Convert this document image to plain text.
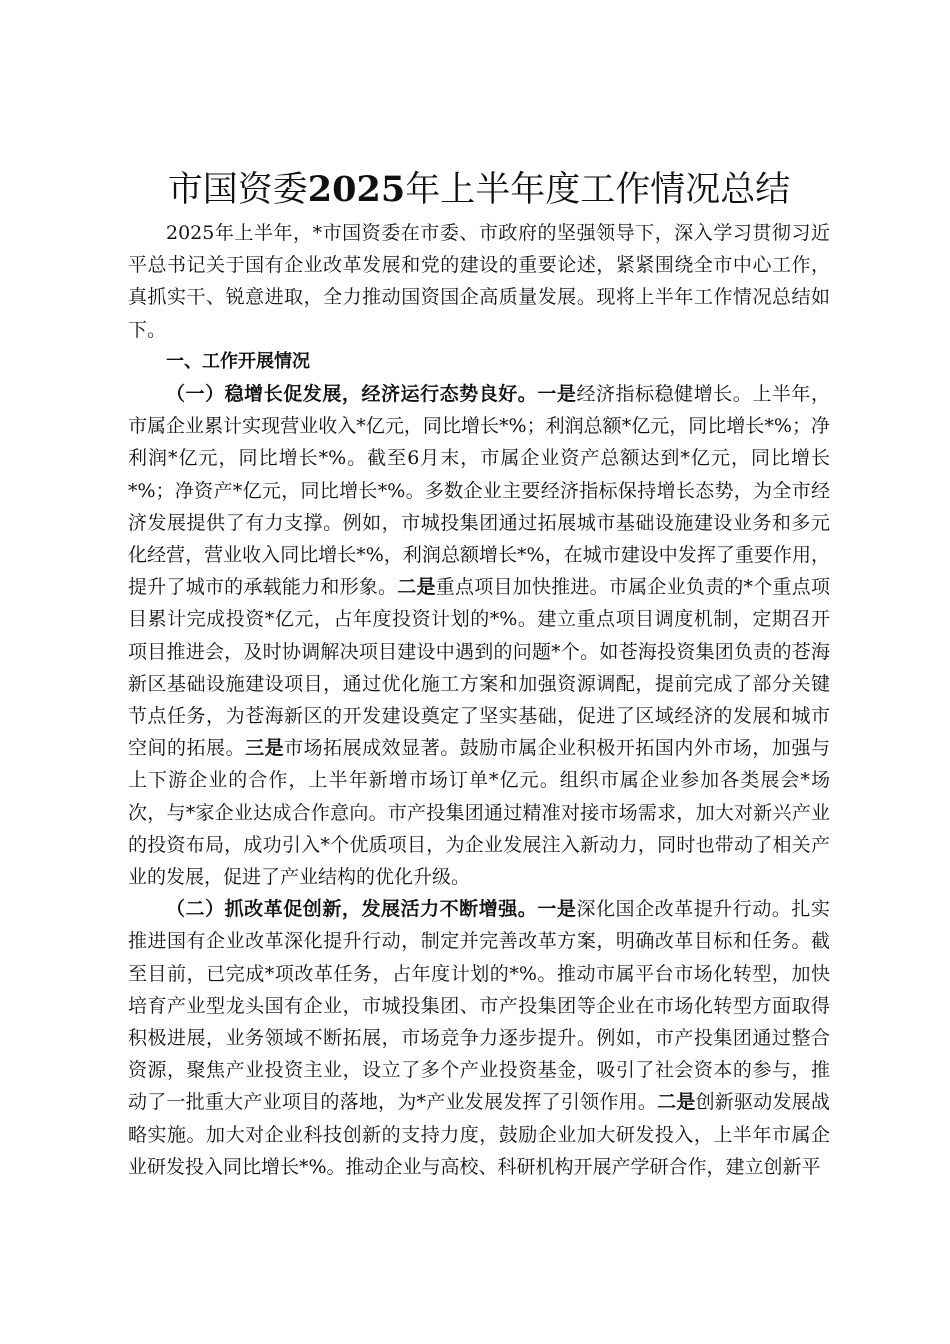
市国资委2025年上半年度工作情况总结

2025年上半年，*市国资委在市委、市政府的坚强领导下，深入学习贯彻习近平总书记关于国有企业改革发展和党的建设的重要论述，紧紧围绕全市中心工作，真抓实干、锐意进取，全力推动国资国企高质量发展。现将上半年工作情况总结如下。

一、工作开展情况

（一）稳增长促发展，经济运行态势良好。一是经济指标稳健增长。上半年，市属企业累计实现营业收入*亿元，同比增长*%；利润总额*亿元，同比增长*%；净利润*亿元，同比增长*%。截至6月末，市属企业资产总额达到*亿元，同比增长*%；净资产*亿元，同比增长*%。多数企业主要经济指标保持增长态势，为全市经济发展提供了有力支撑。例如，市城投集团通过拓展城市基础设施建设业务和多元化经营，营业收入同比增长*%，利润总额增长*%，在城市建设中发挥了重要作用，提升了城市的承载能力和形象。二是重点项目加快推进。市属企业负责的*个重点项目累计完成投资*亿元，占年度投资计划的*%。建立重点项目调度机制，定期召开项目推进会，及时协调解决项目建设中遇到的问题*个。如苍海投资集团负责的苍海新区基础设施建设项目，通过优化施工方案和加强资源调配，提前完成了部分关键节点任务，为苍海新区的开发建设奠定了坚实基础，促进了区域经济的发展和城市空间的拓展。三是市场拓展成效显著。鼓励市属企业积极开拓国内外市场，加强与上下游企业的合作，上半年新增市场订单*亿元。组织市属企业参加各类展会*场次，与*家企业达成合作意向。市产投集团通过精准对接市场需求，加大对新兴产业的投资布局，成功引入*个优质项目，为企业发展注入新动力，同时也带动了相关产业的发展，促进了产业结构的优化升级。

（二）抓改革促创新，发展活力不断增强。一是深化国企改革提升行动。扎实推进国有企业改革深化提升行动，制定并完善改革方案，明确改革目标和任务。截至目前，已完成*项改革任务，占年度计划的*%。推动市属平台市场化转型，加快培育产业型龙头国有企业，市城投集团、市产投集团等企业在市场化转型方面取得积极进展，业务领域不断拓展，市场竞争力逐步提升。例如，市产投集团通过整合资源，聚焦产业投资主业，设立了多个产业投资基金，吸引了社会资本的参与，推动了一批重大产业项目的落地，为*产业发展发挥了引领作用。二是创新驱动发展战略实施。加大对企业科技创新的支持力度，鼓励企业加大研发投入，上半年市属企业研发投入同比增长*%。推动企业与高校、科研机构开展产学研合作，建立创新平
